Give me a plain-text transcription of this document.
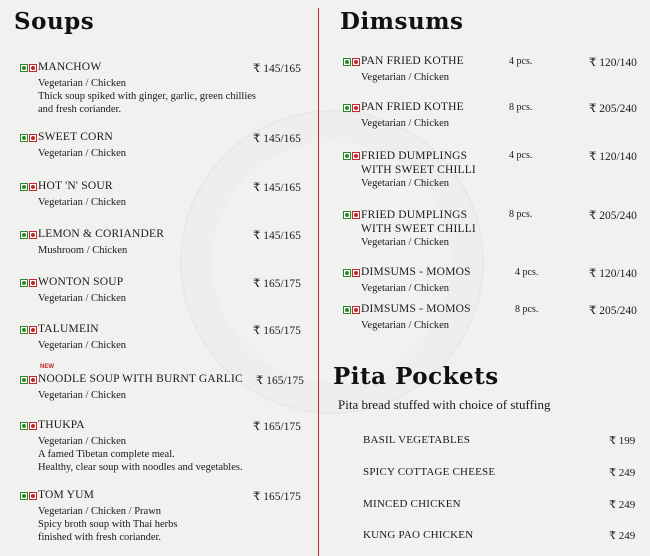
Soups
MANCHOW	₹ 145/165
Vegetarian / Chicken
Thick soup spiked with ginger, garlic, green chillies
and fresh coriander.
SWEET CORN	₹ 145/165
Vegetarian / Chicken
HOT 'N' SOUR	₹ 145/165
Vegetarian / Chicken
LEMON & CORIANDER	₹ 145/165
Mushroom / Chicken
WONTON SOUP	₹ 165/175
Vegetarian / Chicken
TALUMEIN	₹ 165/175
Vegetarian / Chicken
NEW
NOODLE SOUP WITH BURNT GARLIC ₹ 165/175
Vegetarian / Chicken
THUKPA	₹ 165/175
Vegetarian / Chicken
A famed Tibetan complete meal.
Healthy, clear soup with noodles and vegetables.
TOM YUM	₹ 165/175
Vegetarian / Chicken / Prawn
Spicy broth soup with Thai herbs
finished with fresh coriander.
Dimsums
PAN FRIED KOTHE	4 pcs.	₹ 120/140
Vegetarian / Chicken
PAN FRIED KOTHE	8 pcs.	₹ 205/240
Vegetarian / Chicken
FRIED DUMPLINGS WITH SWEET CHILLI
4 pcs.	₹ 120/140
Vegetarian / Chicken
FRIED DUMPLINGS WITH SWEET CHILLI
8 pcs.	₹ 205/240
Vegetarian / Chicken
DIMSUMS - MOMOS	4 pcs.	₹ 120/140
Vegetarian / Chicken
DIMSUMS - MOMOS	8 pcs.	₹ 205/240
Vegetarian / Chicken
Pita Pockets

Pita bread stuffed with choice of stuffing

BASIL VEGETABLES	₹ 199
SPICY COTTAGE CHEESE	₹ 249
MINCED CHICKEN	₹ 249
KUNG PAO CHICKEN	₹ 249
